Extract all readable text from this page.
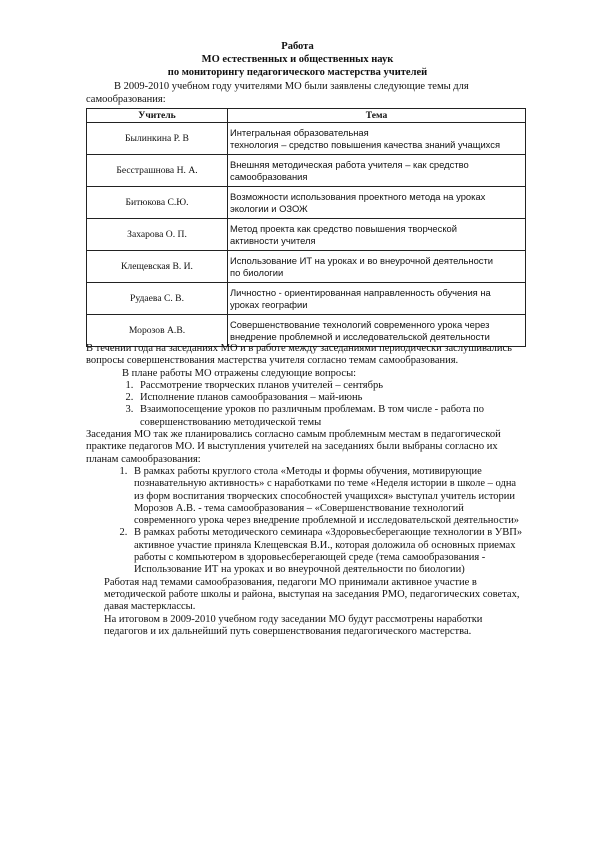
Работа
МО естественных и общественных наук
по мониторингу педагогического мастерства учителей
В 2009-2010 учебном году учителями МО были заявлены следующие темы для
самообразования:
Учитель	Тема
Былинкина Р. В	Интегральная образовательная
технология – средство повышения качества знаний учащихся

Бесстрашнова Н. А.	Внешняя методическая работа учителя – как средство
самообразования

Битюкова С.Ю.	Возможности использования проектного метода на уроках
экологии и ОЗОЖ

Захарова О. П.	Метод проекта как средство повышения творческой
активности учителя

Клещевская В. И.	Использование ИТ на уроках и во внеурочной деятельности
по биологии

Рудаева С. В.	Личностно - ориентированная направленность обучения на
уроках географии

Морозов А.В.	Совершенствование технологий современного урока через
внедрение проблемной и исследовательской деятельности

В течении года на заседаниях МО и в работе между заседаниями периодически заслушивались вопросы совершенствования мастерства учителя согласно темам самообразования.

В плане работы МО отражены следующие вопросы:

1. Рассмотрение творческих планов учителей – сентябрь
2. Исполнение планов самообразования – май-июнь
3. Взаимопосещение уроков по различным проблемам. В том числе - работа по совершенствованию методической темы

Заседания МО так же планировались согласно самым проблемным местам в педагогической практике педагогов МО. И выступления учителей на заседаниях были выбраны согласно их планам самообразования:

1. В рамках работы круглого стола «Методы и формы обучения, мотивирующие познавательную активность» с наработками по теме «Неделя истории в школе – одна из форм воспитания творческих способностей учащихся» выступал учитель истории Морозов А.В. - тема самообразования – «Совершенствование технологий современного урока через внедрение проблемной и исследовательской деятельности»
2. В рамках работы методического семинара «Здоровьесберегающие технологии в УВП» активное участие приняла Клещевская В.И., которая доложила об основных приемах работы с компьютером в здоровьесберегающей среде (тема самообразования - Использование ИТ на уроках и во внеурочной деятельности по биологии)

Работая над темами самообразования, педагоги МО принимали активное участие в методической работе школы и района, выступая на заседания РМО, педагогических советах, давая мастерклассы.

На итоговом в 2009-2010 учебном году заседании МО будут рассмотрены наработки педагогов и их дальнейший путь совершенствования педагогического мастерства.
